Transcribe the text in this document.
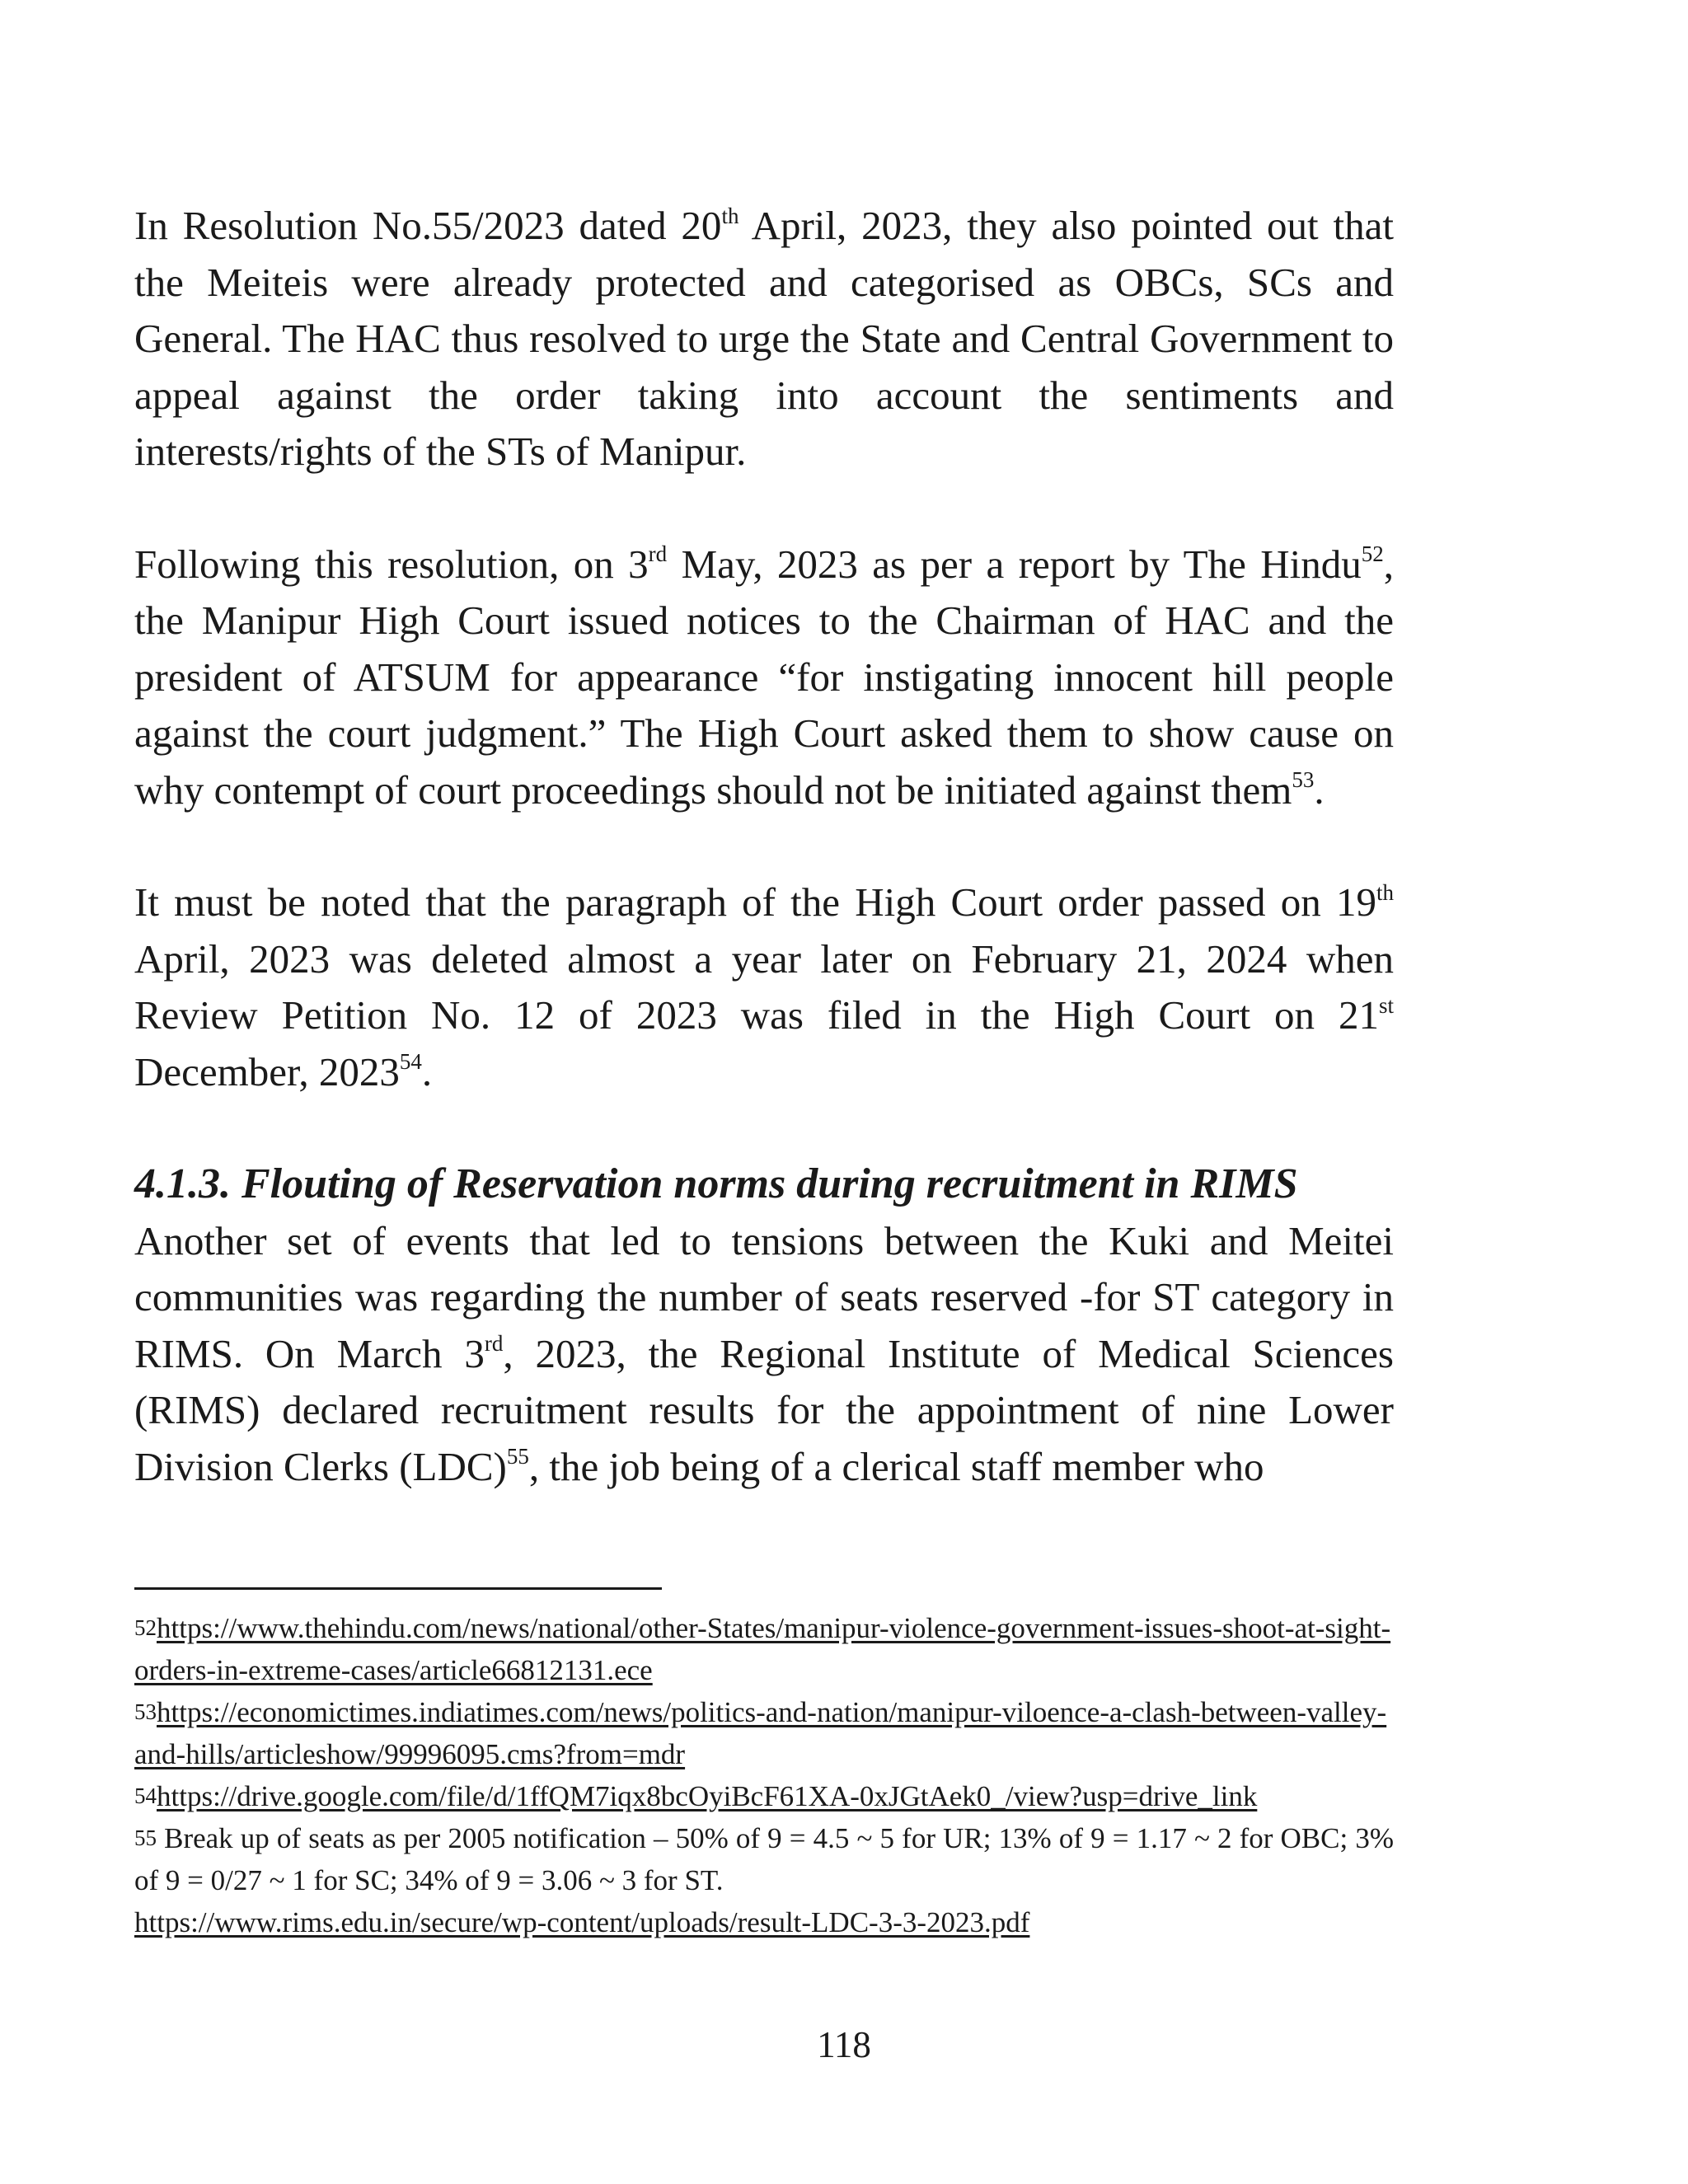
In Resolution No.55/2023 dated 20th April, 2023, they also pointed out that the Meiteis were already protected and categorised as OBCs, SCs and General. The HAC thus resolved to urge the State and Central Government to appeal against the order taking into account the sentiments and interests/rights of the STs of Manipur.

Following this resolution, on 3rd May, 2023 as per a report by The Hindu$^{52}$, the Manipur High Court issued notices to the Chairman of HAC and the president of ATSUM for appearance “for instigating innocent hill people against the court judgment.” The High Court asked them to show cause on why contempt of court proceedings should not be initiated against them$^{53}$.

It must be noted that the paragraph of the High Court order passed on 19th April, 2023 was deleted almost a year later on February 21, 2024 when Review Petition No. 12 of 2023 was filed in the High Court on 21st December, 2023$^{54}$.

4.1.3. Flouting of Reservation norms during recruitment in RIMS

Another set of events that led to tensions between the Kuki and Meitei communities was regarding the number of seats reserved -for ST category in RIMS. On March 3rd, 2023, the Regional Institute of Medical Sciences (RIMS) declared recruitment results for the appointment of nine Lower Division Clerks (LDC)$^{55}$, the job being of a clerical staff member who

$^{52}$https://www.thehindu.com/news/national/other-States/manipur-violence-government-issues-shoot-at-sight-orders-in-extreme-cases/article66812131.ece

$^{53}$https://economictimes.indiatimes.com/news/politics-and-nation/manipur-viloence-a-clash-between-valley-and-hills/articleshow/99996095.cms?from=mdr

$^{54}$https://drive.google.com/file/d/1ffQM7iqx8bcOyiBcF61XA-0xJGtAek0_/view?usp=drive_link

$^{55}$ Break up of seats as per 2005 notification – 50% of 9 = 4.5 ~ 5 for UR; 13% of 9 = 1.17 ~ 2 for OBC; 3% of 9 = 0/27 ~ 1 for SC; 34% of 9 = 3.06 ~ 3 for ST.
https://www.rims.edu.in/secure/wp-content/uploads/result-LDC-3-3-2023.pdf

118
